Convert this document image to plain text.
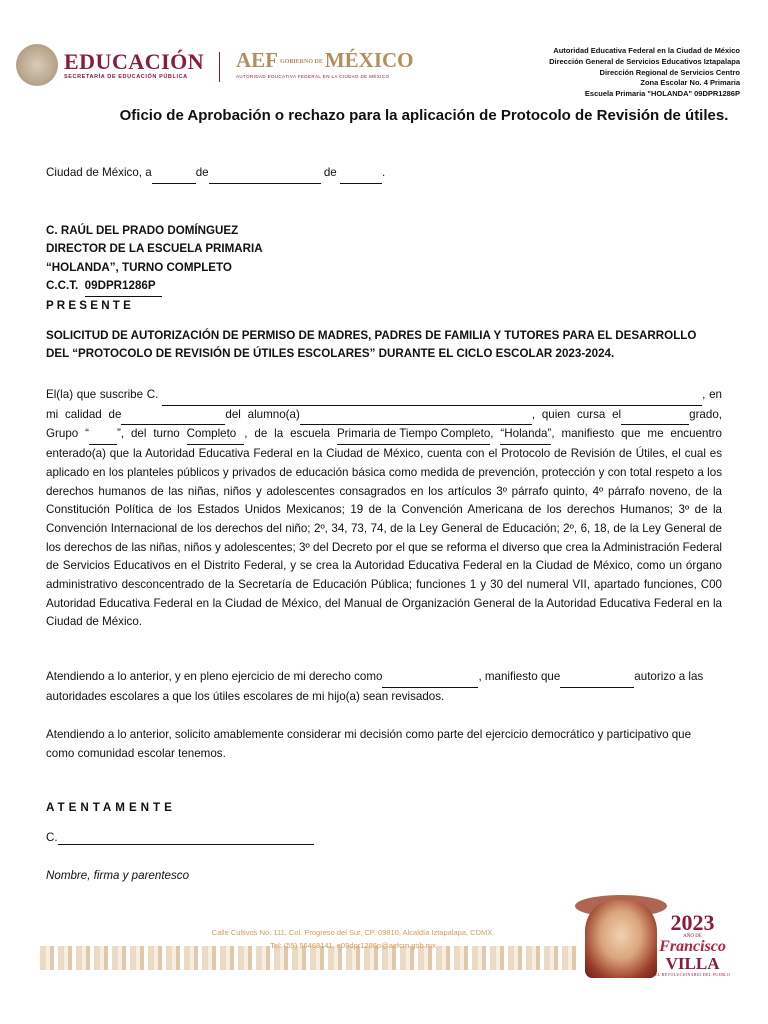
EDUCACIÓN
SECRETARÍA DE EDUCACIÓN PÚBLICA
AEF GOBIERNO DEMÉXICO
AUTORIDAD EDUCATIVA FEDERAL EN LA CIUDAD DE MÉXICO
Autoridad Educativa Federal en la Ciudad de México
Dirección General de Servicios Educativos Iztapalapa
Dirección Regional de Servicios Centro
Zona Escolar No. 4 Primaria
Escuela Primaria "HOLANDA" 09DPR1286P
Oficio de Aprobación o rechazo para la aplicación de Protocolo de Revisión de útiles.
Ciudad de México, a	de	de	.
C. RAÚL DEL PRADO DOMÍNGUEZ
DIRECTOR DE LA ESCUELA PRIMARIA
“HOLANDA”, TURNO COMPLETO
C.C.T. 09DPR1286P
P R E S E N T E
SOLICITUD DE AUTORIZACIÓN DE PERMISO DE MADRES, PADRES DE FAMILIA Y TUTORES PARA EL DESARROLLO DEL “PROTOCOLO DE REVISIÓN DE ÚTILES ESCOLARES” DURANTE EL CICLO ESCOLAR 2023-2024.
El(la) que suscribe C.	, en mi calidad de	del alumno(a)	, quien cursa el	grado, Grupo “ ”, del turno Completo , de la escuela Primaria de Tiempo Completo, “Holanda”, manifiesto que me encuentro enterado(a) que la Autoridad Educativa Federal en la Ciudad de México, cuenta con el Protocolo de Revisión de Útiles, el cual es aplicado en los planteles públicos y privados de educación básica como medida de prevención, protección y con total respeto a los derechos humanos de las niñas, niños y adolescentes consagrados en los artículos 3º párrafo quinto, 4º párrafo noveno, de la Constitución Política de los Estados Unidos Mexicanos; 19 de la Convención Americana de los derechos Humanos; 3º de la Convención Internacional de los derechos del niño; 2º, 34, 73, 74, de la Ley General de Educación; 2º, 6, 18, de la Ley General de los derechos de las niñas, niños y adolescentes; 3º del Decreto por el que se reforma el diverso que crea la Administración Federal de Servicios Educativos en el Distrito Federal, y se crea la Autoridad Educativa Federal en la Ciudad de México, como un órgano administrativo desconcentrado de la Secretaría de Educación Pública; funciones 1 y 30 del numeral VII, apartado funciones, C00 Autoridad Educativa Federal en la Ciudad de México, del Manual de Organización General de la Autoridad Educativa Federal en la Ciudad de México.
Atendiendo a lo anterior, y en pleno ejercicio de mi derecho como	, manifiesto que	autorizo a las autoridades escolares a que los útiles escolares de mi hijo(a) sean revisados.
Atendiendo a lo anterior, solicito amablemente considerar mi decisión como parte del ejercicio democrático y participativo que como comunidad escolar tenemos.
ATENTAMENTE
C.
Nombre, firma y parentesco
Calle Cultivos No. 111, Col. Progreso del Sur, CP. 09810, Alcaldía Iztapalapa, CDMX.
Tel: (55) 56468141, e09dpr1286p@aefcm.gob.mx
2023
AÑO DE
Francisco
VILLA
EL REVOLUCIONARIO DEL PUEBLO
